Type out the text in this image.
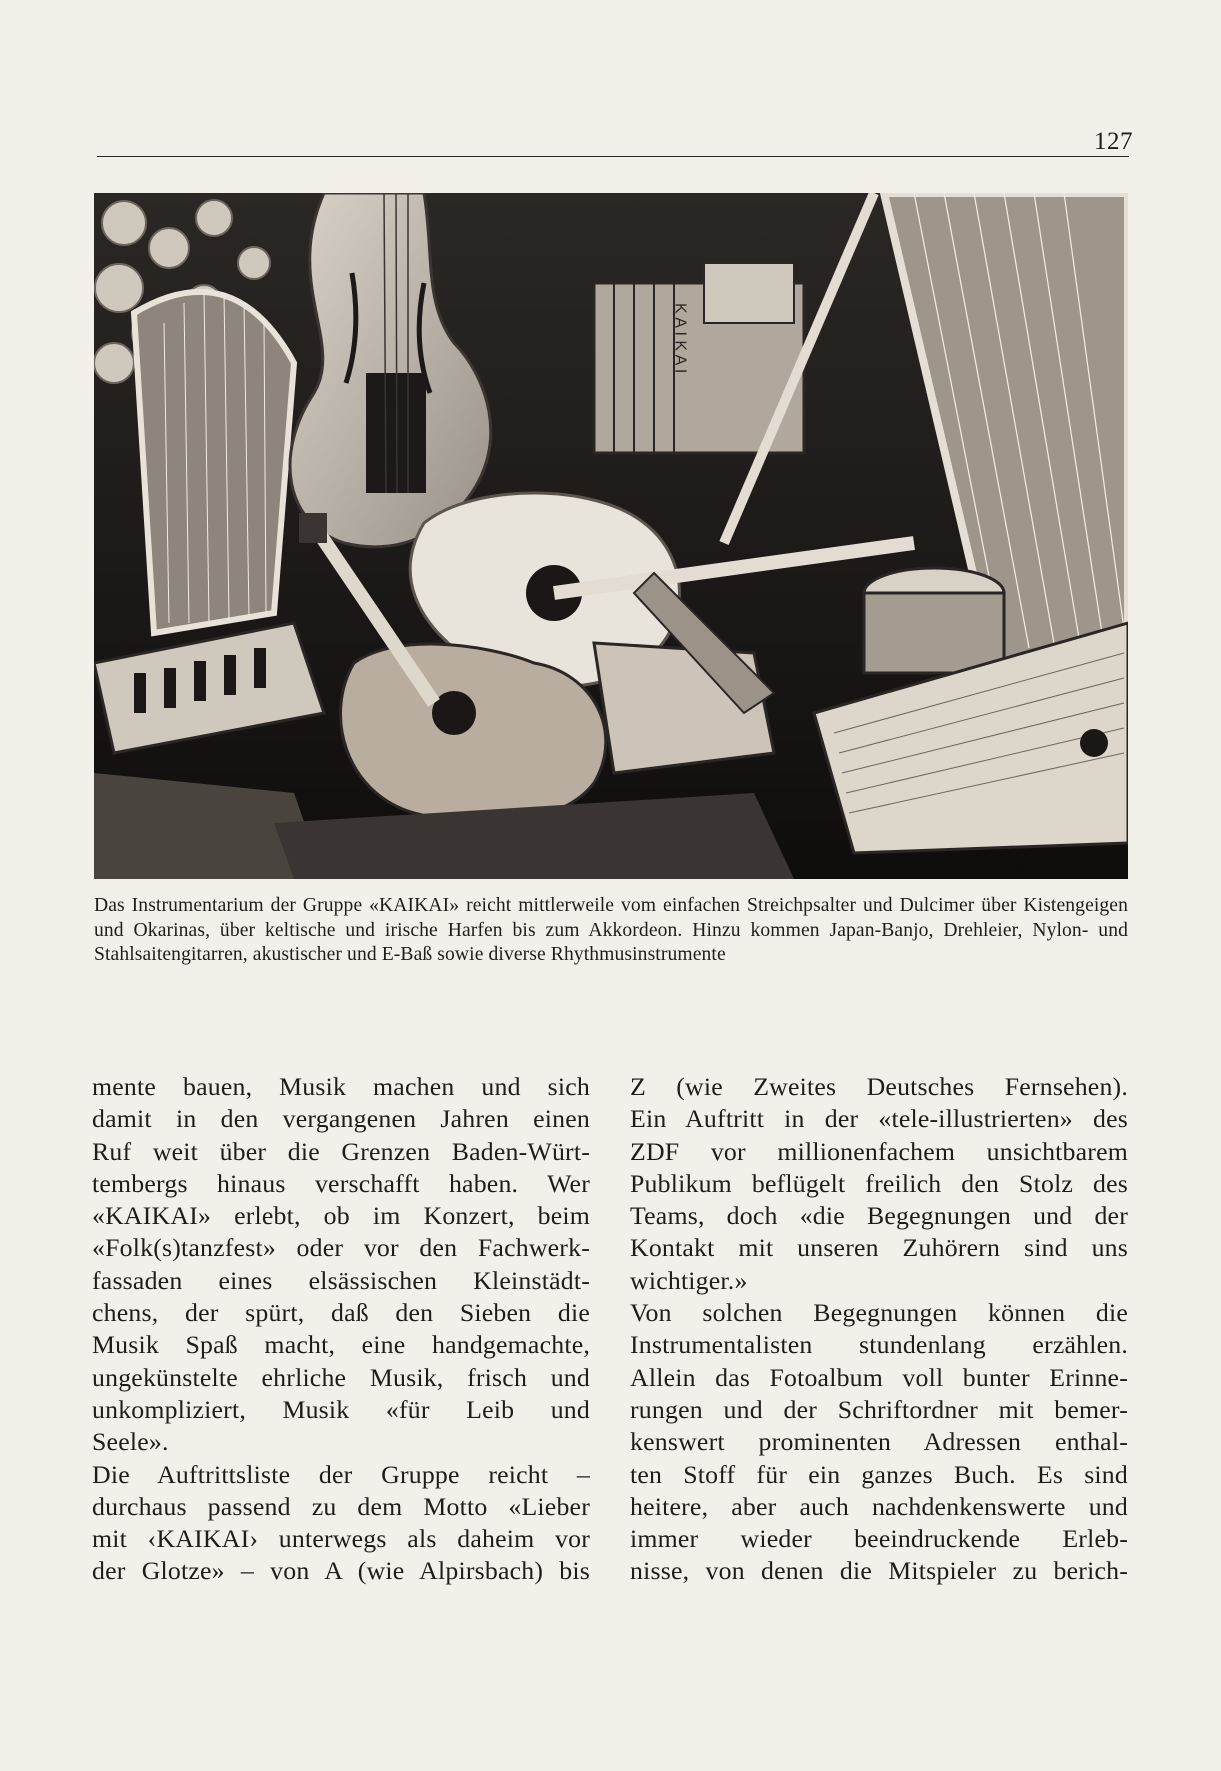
127
K A I K A I
Das Instrumentarium der Gruppe «KAIKAI» reicht mittlerweile vom einfachen Streichpsalter und Dulcimer über Kistengeigen und Okarinas, über keltische und irische Harfen bis zum Akkordeon. Hinzu kommen Japan-Banjo, Drehleier, Nylon- und Stahlsaitengitarren, akustischer und E-Baß sowie diverse Rhythmusinstrumente
mente bauen, Musik machen und sich
damit in den vergangenen Jahren einen
Ruf weit über die Grenzen Baden-Würt-
tembergs hinaus verschafft haben. Wer
«KAIKAI» erlebt, ob im Konzert, beim
«Folk(s)tanzfest» oder vor den Fachwerk-
fassaden eines elsässischen Kleinstädt-
chens, der spürt, daß den Sieben die
Musik Spaß macht, eine handgemachte,
ungekünstelte ehrliche Musik, frisch und
unkompliziert, Musik «für Leib und
Seele».
Die Auftrittsliste der Gruppe reicht –
durchaus passend zu dem Motto «Lieber
mit ‹KAIKAI› unterwegs als daheim vor
der Glotze» – von A (wie Alpirsbach) bis
Z (wie Zweites Deutsches Fernsehen).
Ein Auftritt in der «tele-illustrierten» des
ZDF vor millionenfachem unsichtbarem
Publikum beflügelt freilich den Stolz des
Teams, doch «die Begegnungen und der
Kontakt mit unseren Zuhörern sind uns
wichtiger.»
Von solchen Begegnungen können die
Instrumentalisten stundenlang erzählen.
Allein das Fotoalbum voll bunter Erinne-
rungen und der Schriftordner mit bemer-
kenswert prominenten Adressen enthal-
ten Stoff für ein ganzes Buch. Es sind
heitere, aber auch nachdenkenswerte und
immer wieder beeindruckende Erleb-
nisse, von denen die Mitspieler zu berich-
